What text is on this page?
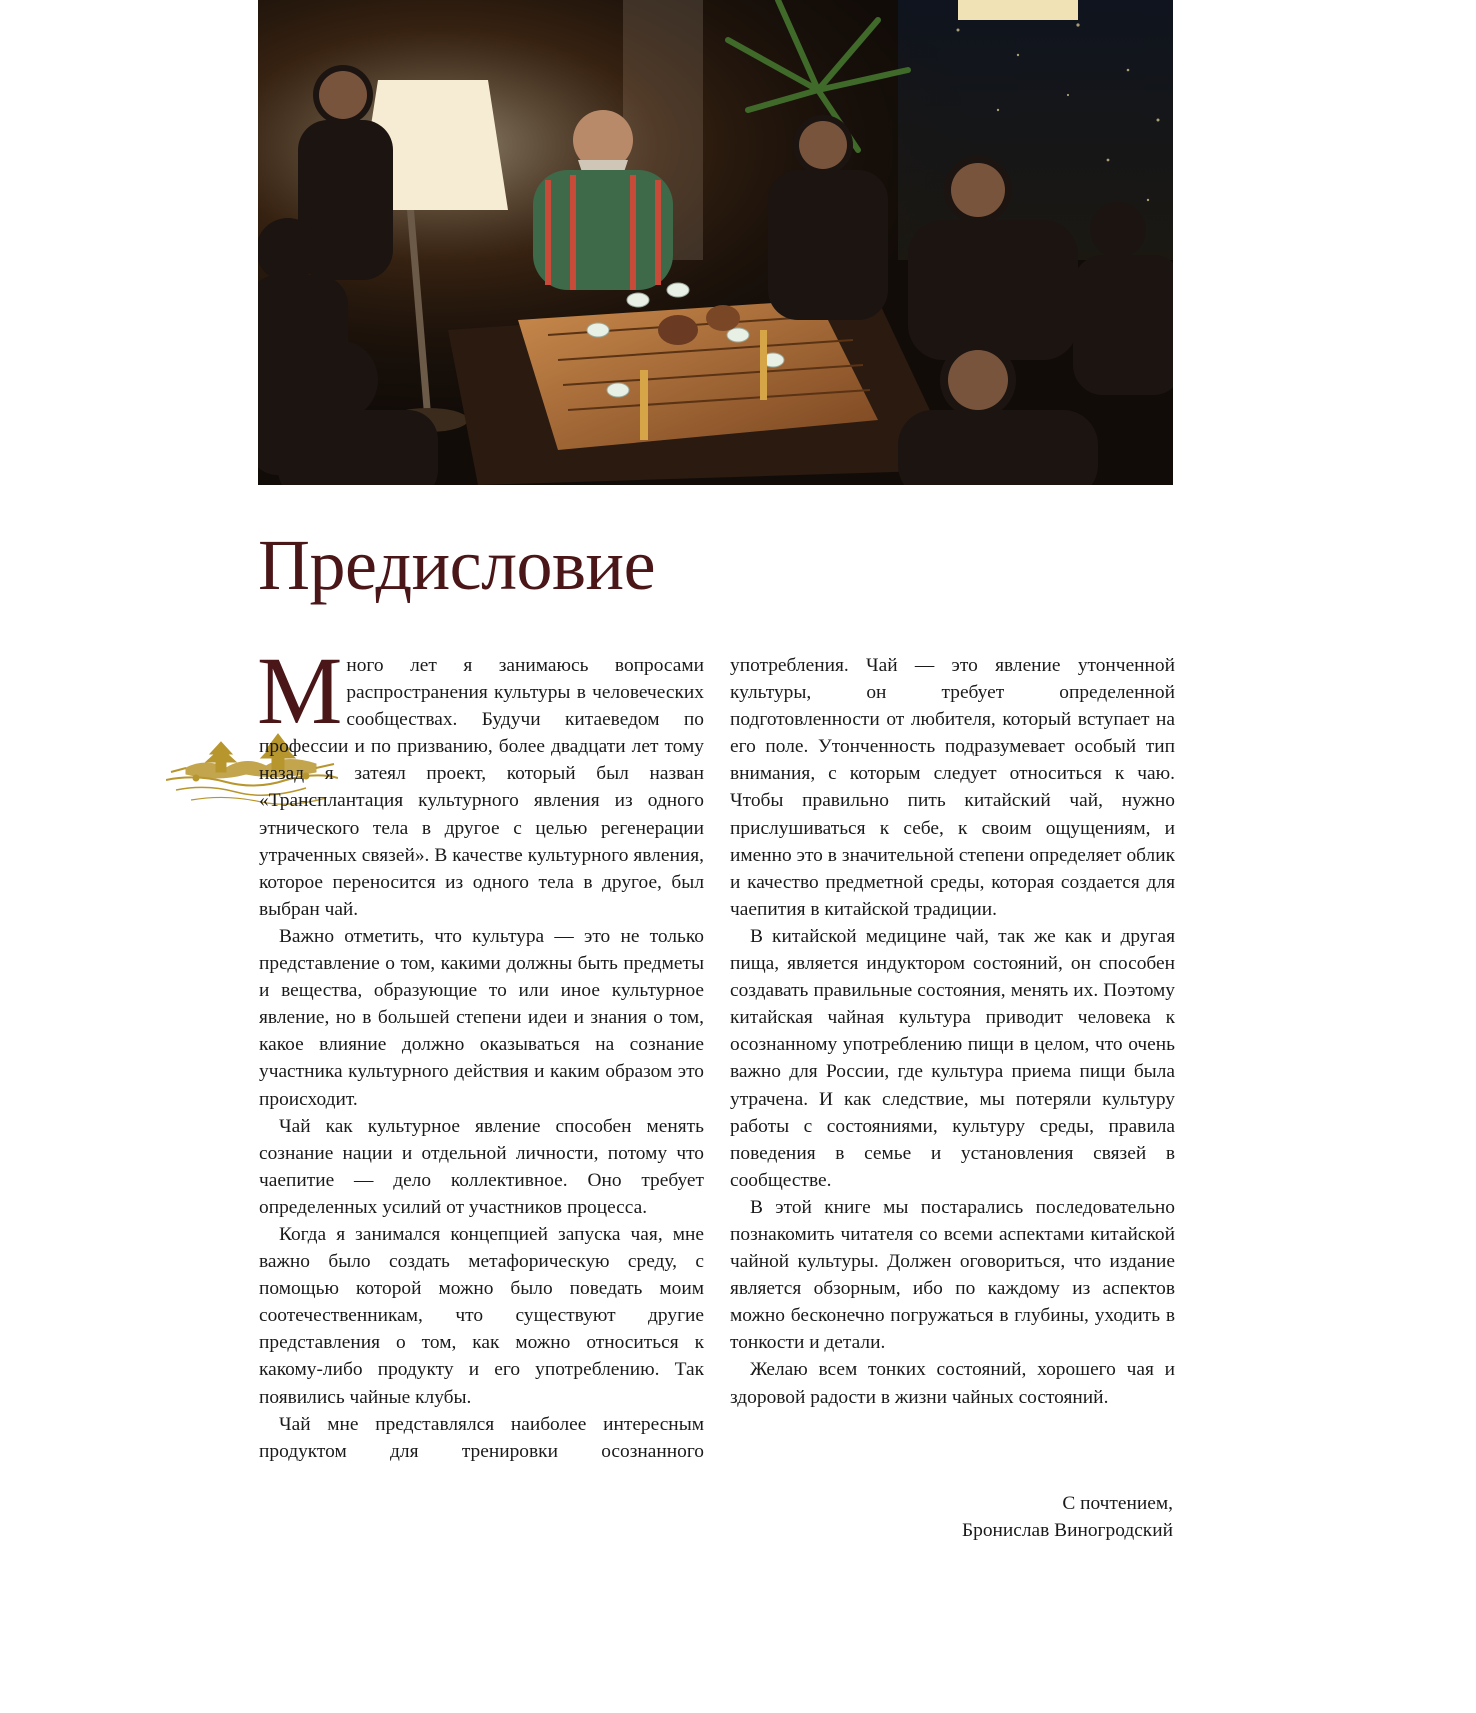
Предисловие

Много лет я занимаюсь вопросами распространения культуры в человеческих сообществах. Будучи китаеведом по профессии и по призванию, более двадцати лет тому назад я затеял проект, который был назван «Трансплантация культурного явления из одного этнического тела в другое с целью регенерации утраченных связей». В качестве культурного явления, которое переносится из одного тела в другое, был выбран чай.

Важно отметить, что культура — это не только представление о том, какими должны быть предметы и вещества, образующие то или иное культурное явление, но в большей степени идеи и знания о том, какое влияние должно оказываться на сознание участника культурного действия и каким образом это происходит.

Чай как культурное явление способен менять сознание нации и отдельной личности, потому что чаепитие — дело коллективное. Оно требует определенных усилий от участников процесса.

Когда я занимался концепцией запуска чая, мне важно было создать метафорическую среду, с помощью которой можно было поведать моим соотечественникам, что существуют другие представления о том, как можно относиться к какому-либо продукту и его употреблению. Так появились чайные клубы.

Чай мне представлялся наиболее интересным продуктом для тренировки осознанного

употребления. Чай — это явление утонченной культуры, он требует определенной подготовленности от любителя, который вступает на его поле. Утонченность подразумевает особый тип внимания, с которым следует относиться к чаю. Чтобы правильно пить китайский чай, нужно прислушиваться к себе, к своим ощущениям, и именно это в значительной степени определяет облик и качество предметной среды, которая создается для чаепития в китайской традиции.

В китайской медицине чай, так же как и другая пища, является индуктором состояний, он способен создавать правильные состояния, менять их. Поэтому китайская чайная культура приводит человека к осознанному употреблению пищи в целом, что очень важно для России, где культура приема пищи была утрачена. И как следствие, мы потеряли культуру работы с состояниями, культуру среды, правила поведения в семье и установления связей в сообществе.

В этой книге мы постарались последовательно познакомить читателя со всеми аспектами китайской чайной культуры. Должен оговориться, что издание является обзорным, ибо по каждому из аспектов можно бесконечно погружаться в глубины, уходить в тонкости и детали.

Желаю всем тонких состояний, хорошего чая и здоровой радости в жизни чайных состояний.

С почтением,
Бронислав Виногродский
